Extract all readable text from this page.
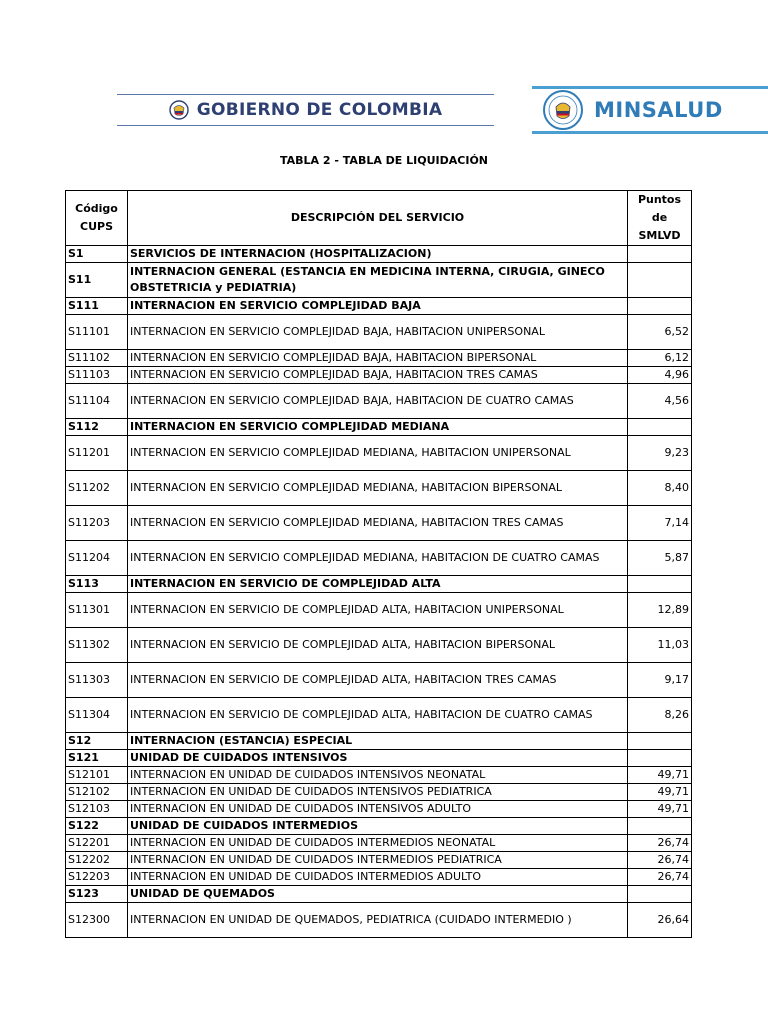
GOBIERNO DE COLOMBIA	MINSALUD
TABLA 2 - TABLA DE LIQUIDACIÓN
Código CUPS	DESCRIPCIÓN DEL SERVICIO	Puntos de SMLVD
S1	SERVICIOS DE INTERNACION (HOSPITALIZACION)	
S11	INTERNACION GENERAL (ESTANCIA EN MEDICINA INTERNA, CIRUGIA, GINECO OBSTETRICIA y PEDIATRIA)	
S111	INTERNACION EN SERVICIO COMPLEJIDAD BAJA	
S11101	INTERNACION EN SERVICIO COMPLEJIDAD BAJA, HABITACION UNIPERSONAL	6,52
S11102	INTERNACION EN SERVICIO COMPLEJIDAD BAJA, HABITACION BIPERSONAL	6,12
S11103	INTERNACION EN SERVICIO COMPLEJIDAD BAJA, HABITACION TRES CAMAS	4,96
S11104	INTERNACION EN SERVICIO COMPLEJIDAD BAJA, HABITACION DE CUATRO CAMAS	4,56
S112	INTERNACION EN SERVICIO COMPLEJIDAD MEDIANA	
S11201	INTERNACION EN SERVICIO COMPLEJIDAD MEDIANA, HABITACION UNIPERSONAL	9,23
S11202	INTERNACION EN SERVICIO COMPLEJIDAD MEDIANA, HABITACION BIPERSONAL	8,40
S11203	INTERNACION EN SERVICIO COMPLEJIDAD MEDIANA, HABITACION TRES CAMAS	7,14
S11204	INTERNACION EN SERVICIO COMPLEJIDAD MEDIANA, HABITACION DE CUATRO CAMAS	5,87
S113	INTERNACION EN SERVICIO DE COMPLEJIDAD ALTA	
S11301	INTERNACION EN SERVICIO DE COMPLEJIDAD ALTA, HABITACION UNIPERSONAL	12,89
S11302	INTERNACION EN SERVICIO DE COMPLEJIDAD ALTA, HABITACION BIPERSONAL	11,03
S11303	INTERNACION EN SERVICIO DE COMPLEJIDAD ALTA, HABITACION TRES CAMAS	9,17
S11304	INTERNACION EN SERVICIO DE COMPLEJIDAD ALTA, HABITACION DE CUATRO CAMAS	8,26
S12	INTERNACION (ESTANCIA) ESPECIAL	
S121	UNIDAD DE CUIDADOS INTENSIVOS	
S12101	INTERNACION EN UNIDAD DE CUIDADOS INTENSIVOS NEONATAL	49,71
S12102	INTERNACION EN UNIDAD DE CUIDADOS INTENSIVOS PEDIATRICA	49,71
S12103	INTERNACION EN UNIDAD DE CUIDADOS INTENSIVOS ADULTO	49,71
S122	UNIDAD DE CUIDADOS INTERMEDIOS	
S12201	INTERNACION EN UNIDAD DE CUIDADOS INTERMEDIOS NEONATAL	26,74
S12202	INTERNACION EN UNIDAD DE CUIDADOS INTERMEDIOS PEDIATRICA	26,74
S12203	INTERNACION EN UNIDAD DE CUIDADOS INTERMEDIOS ADULTO	26,74
S123	UNIDAD DE QUEMADOS	
S12300	INTERNACION EN UNIDAD DE QUEMADOS, PEDIATRICA (CUIDADO INTERMEDIO )	26,64
